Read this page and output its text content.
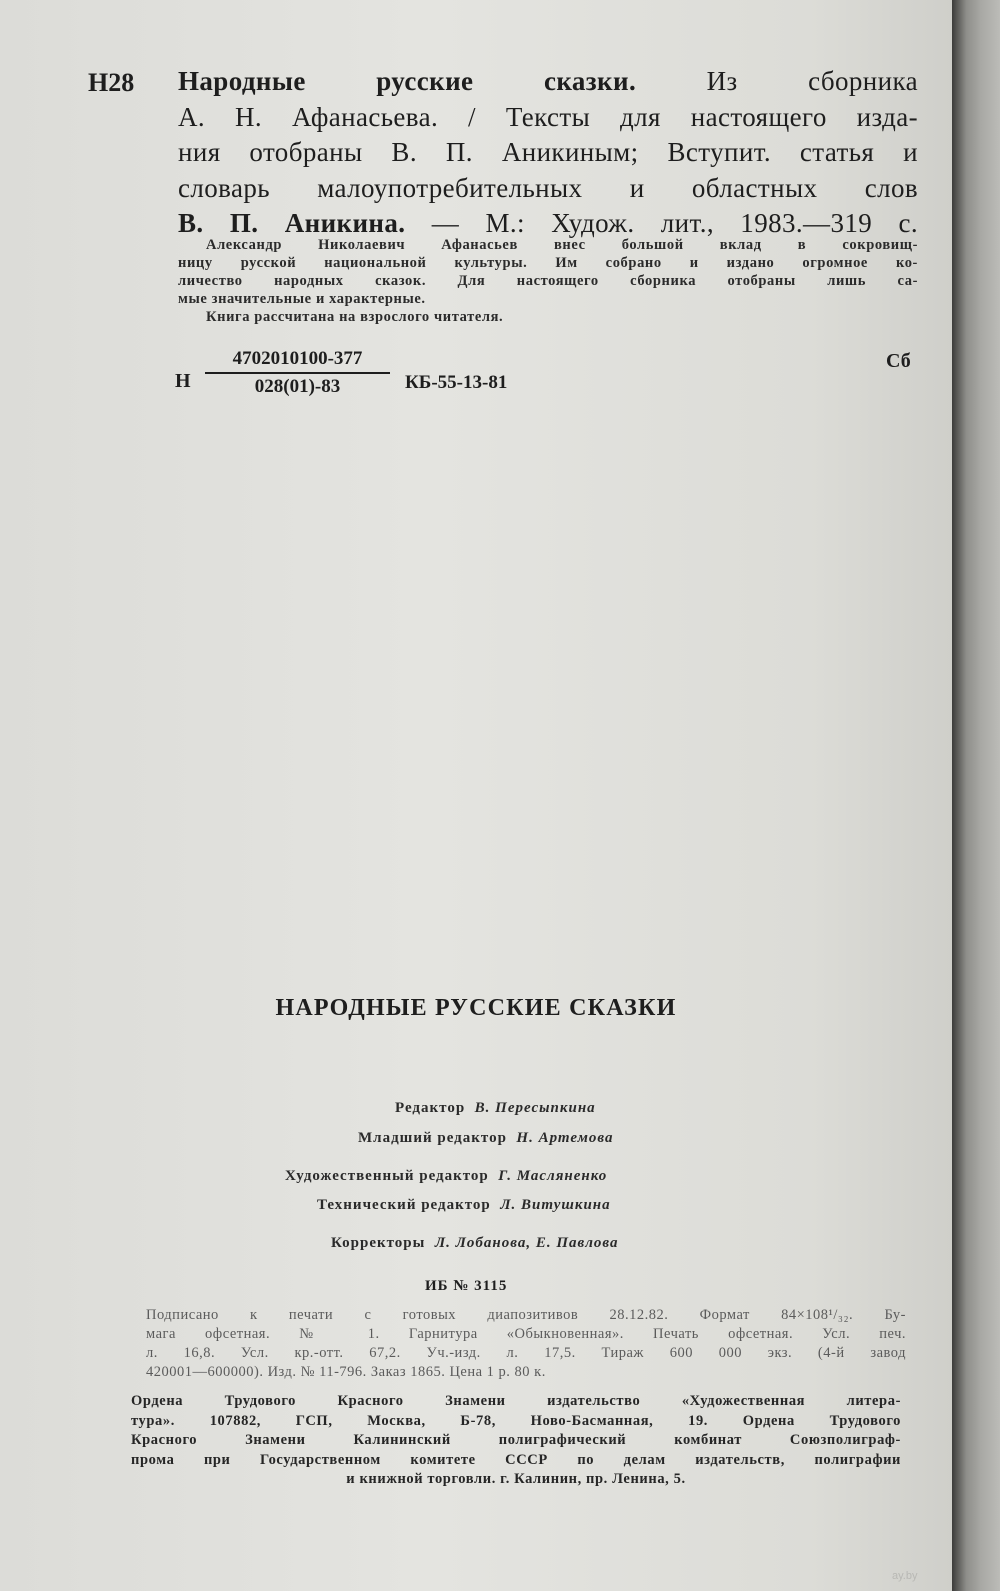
Н28 Народные русские сказки. Из сборника
А. Н. Афанасьева. / Тексты для настоящего изда-
ния отобраны В. П. Аникиным; Вступит. статья и
словарь малоупотребительных и областных слов
В. П. Аникина. — М.: Худож. лит., 1983.—319 с.
Александр Николаевич Афанасьев внес большой вклад в сокровищ-
ницу русской национальной культуры. Им собрано и издано огромное ко-
личество народных сказок. Для настоящего сборника отобраны лишь са-
мые значительные и характерные.
Книга рассчитана на взрослого читателя.
Н $\frac{4702010100-377}{028(01)-83} КБ-55-13-81$
Сб
НАРОДНЫЕ РУССКИЕ СКАЗКИ
Редактор В. Пересыпкина
Младший редактор Н. Артемова
Художественный редактор Г. Масляненко
Технический редактор Л. Витушкина
Корректоры Л. Лобанова, Е. Павлова
ИБ № 3115
Подписано к печати с готовых диапозитивов 28.12.82. Формат 84×108¹/₃₂. Бу-
мага офсетная. № 1. Гарнитура «Обыкновенная». Печать офсетная. Усл. печ.
л. 16,8. Усл. кр.-отт. 67,2. Уч.-изд. л. 17,5. Тираж 600 000 экз. (4-й завод
420001—600000). Изд. № 11-796. Заказ 1865. Цена 1 р. 80 к.
Ордена Трудового Красного Знамени издательство «Художественная литера-
тура». 107882, ГСП, Москва, Б-78, Ново-Басманная, 19. Ордена Трудового
Красного Знамени Калининский полиграфический комбинат Союзполиграф-
прома при Государственном комитете СССР по делам издательств, полиграфии
и книжной торговли. г. Калинин, пр. Ленина, 5.
ay.by
